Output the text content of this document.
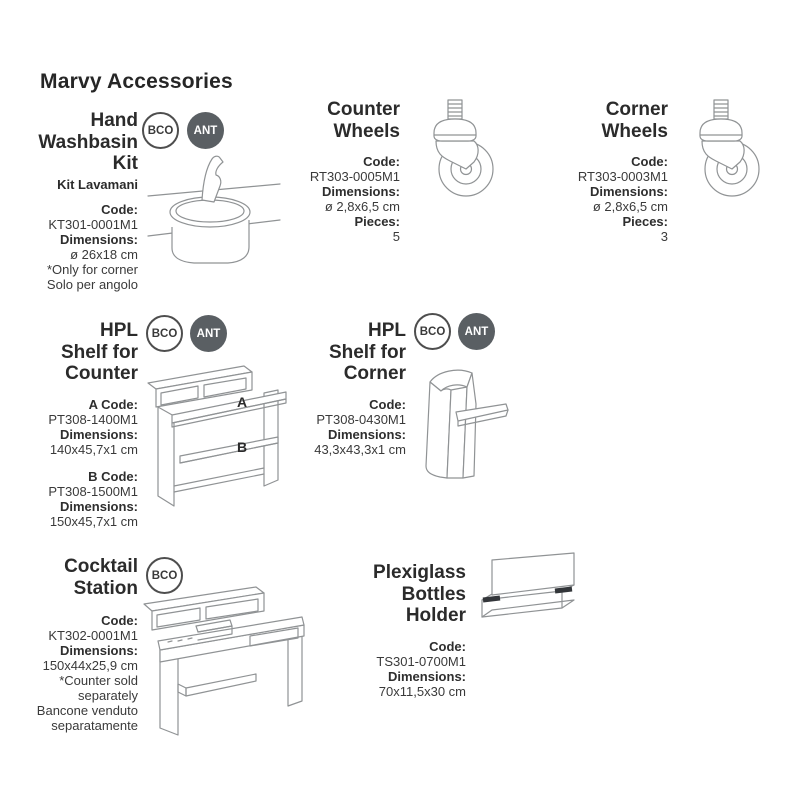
Marvy Accessories
Hand
Washbasin
Kit
Kit Lavamani
Code:
KT301-0001M1
Dimensions:
ø 26x18 cm
*Only for corner
Solo per angolo
BCO ANT
Counter
Wheels
Code:
RT303-0005M1
Dimensions:
ø 2,8x6,5 cm
Pieces:
5
Corner
Wheels
Code:
RT303-0003M1
Dimensions:
ø 2,8x6,5 cm
Pieces:
3
HPL
Shelf for
Counter
A Code:
PT308-1400M1
Dimensions:
140x45,7x1 cm
B Code:
PT308-1500M1
Dimensions:
150x45,7x1 cm
BCO ANT
B
A
HPL
Shelf for
Corner
Code:
PT308-0430M1
Dimensions:
43,3x43,3x1 cm
BCO ANT
Cocktail
Station
Code:
KT302-0001M1
Dimensions:
150x44x25,9 cm
*Counter sold
separately
Bancone venduto
separatamente
BCO	Plexiglass
Bottles
Holder
Code:
TS301-0700M1
Dimensions:
70x11,5x30 cm
